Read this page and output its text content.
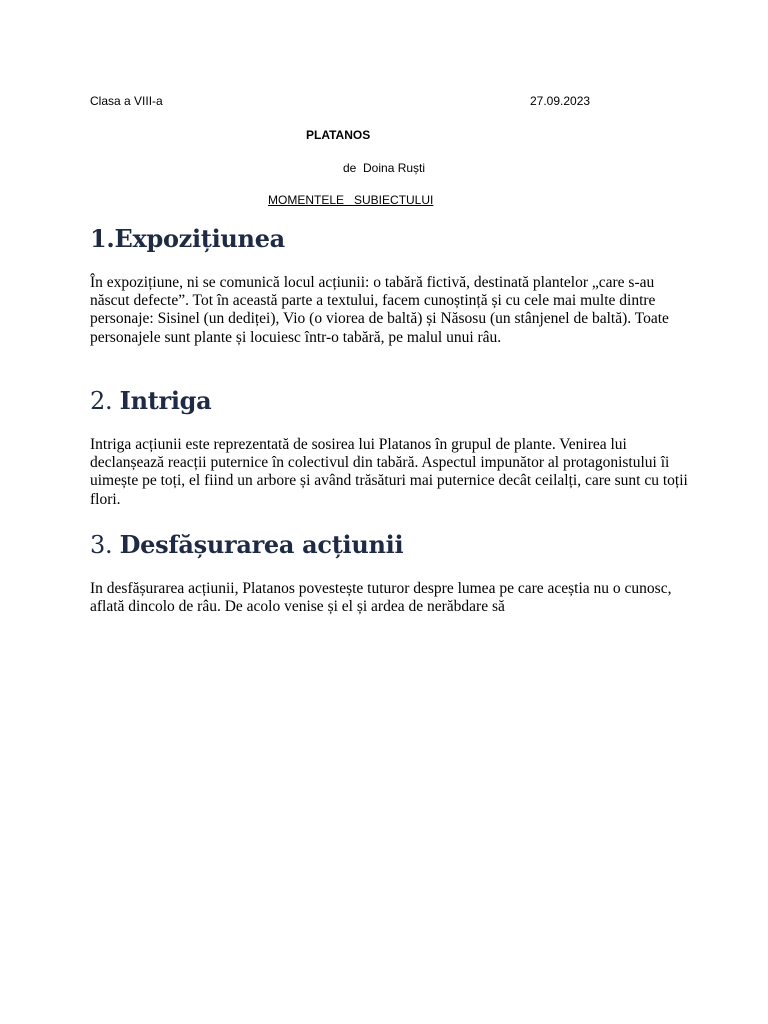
Clasa a VIII-a	27.09.2023
PLATANOS
de  Doina Ruști
MOMENTELE   SUBIECTULUI
1.Expozițiunea

În expozițiune, ni se comunică locul acțiunii: o tabără fictivă, destinată plantelor „care s-au născut defecte”. Tot în această parte a textului, facem cunoștință și cu cele mai multe dintre personaje: Sisinel (un dediței), Vio (o viorea de baltă) și Năsosu (un stânjenel de baltă). Toate personajele sunt plante și locuiesc într-o tabără, pe malul unui râu.

2. Intriga

Intriga acțiunii este reprezentată de sosirea lui Platanos în grupul de plante. Venirea lui declanșează reacții puternice în colectivul din tabără. Aspectul impunător al protagonistului îi uimește pe toți, el fiind un arbore și având trăsături mai puternice decât ceilalți, care sunt cu toții flori.

3. Desfășurarea acțiunii

In desfășurarea acțiunii, Platanos povestește tuturor despre lumea pe care aceștia nu o cunosc, aflată dincolo de râu. De acolo venise și el și ardea de nerăbdare să
